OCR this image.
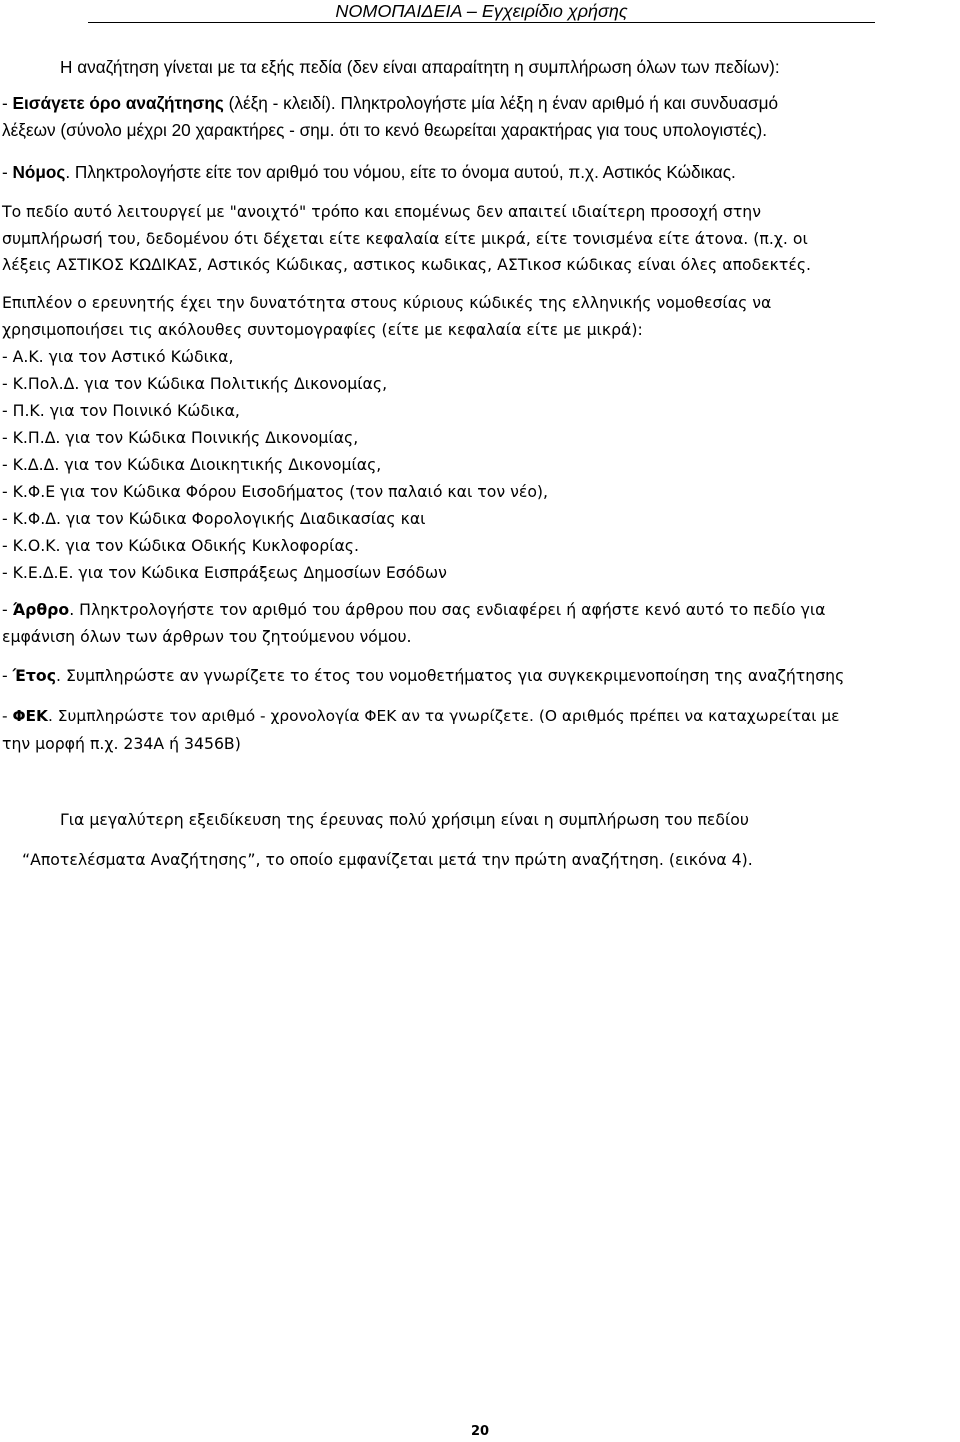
ΝΟΜΟΠΑΙΔΕΙΑ – Εγχειρίδιο χρήσης
Η αναζήτηση γίνεται με τα εξής πεδία (δεν είναι απαραίτητη η συμπλήρωση όλων των πεδίων):
- Εισάγετε όρο αναζήτησης (λέξη - κλειδί). Πληκτρολογήστε μία λέξη η έναν αριθμό ή και συνδυασμό
λέξεων (σύνολο μέχρι 20 χαρακτήρες - σημ. ότι το κενό θεωρείται χαρακτήρας για τους υπολογιστές).
- Νόμος. Πληκτρολογήστε είτε τον αριθμό του νόμου, είτε το όνομα αυτού, π.χ. Αστικός Κώδικας.
Το πεδίο αυτό λειτουργεί με "ανοιχτό" τρόπο και επομένως δεν απαιτεί ιδιαίτερη προσοχή στην
συμπλήρωσή του, δεδομένου ότι δέχεται είτε κεφαλαία είτε μικρά, είτε τονισμένα είτε άτονα. (π.χ. οι
λέξεις ΑΣΤΙΚΟΣ ΚΩΔΙΚΑΣ, Αστικός Κώδικας, αστικος κωδικας, ΑΣΤικοσ κώδικας είναι όλες αποδεκτές.
Επιπλέον ο ερευνητής έχει την δυνατότητα στους κύριους κώδικές της ελληνικής νομοθεσίας να
χρησιμοποιήσει τις ακόλουθες συντομογραφίες (είτε με κεφαλαία είτε με μικρά):
- Α.Κ. για τον Αστικό Κώδικα,
- Κ.Πολ.Δ. για τον Κώδικα Πολιτικής Δικονομίας,
- Π.Κ. για τον Ποινικό Κώδικα,
- Κ.Π.Δ. για τον Κώδικα Ποινικής Δικονομίας,
- Κ.Δ.Δ. για τον Κώδικα Διοικητικής Δικονομίας,
- Κ.Φ.Ε για τον Κώδικα Φόρου Εισοδήματος (τον παλαιό και τον νέο),
- Κ.Φ.Δ. για τον Κώδικα Φορολογικής Διαδικασίας και
- Κ.Ο.Κ. για τον Κώδικα Οδικής Κυκλοφορίας.
- Κ.Ε.Δ.Ε. για τον Κώδικα Εισπράξεως Δημοσίων Εσόδων
- Άρθρο. Πληκτρολογήστε τον αριθμό του άρθρου που σας ενδιαφέρει ή αφήστε κενό αυτό το πεδίο για
εμφάνιση όλων των άρθρων του ζητούμενου νόμου.
- Έτος. Συμπληρώστε αν γνωρίζετε το έτος του νομοθετήματος για συγκεκριμενοποίηση της αναζήτησης
- ΦΕΚ. Συμπληρώστε τον αριθμό - χρονολογία ΦΕΚ αν τα γνωρίζετε. (Ο αριθμός πρέπει να καταχωρείται με
την μορφή π.χ. 234Α ή 3456Β)
Για μεγαλύτερη εξειδίκευση της έρευνας πολύ χρήσιμη είναι η συμπλήρωση του πεδίου
“Αποτελέσματα Αναζήτησης”, το οποίο εμφανίζεται μετά την πρώτη αναζήτηση. (εικόνα 4).
20
